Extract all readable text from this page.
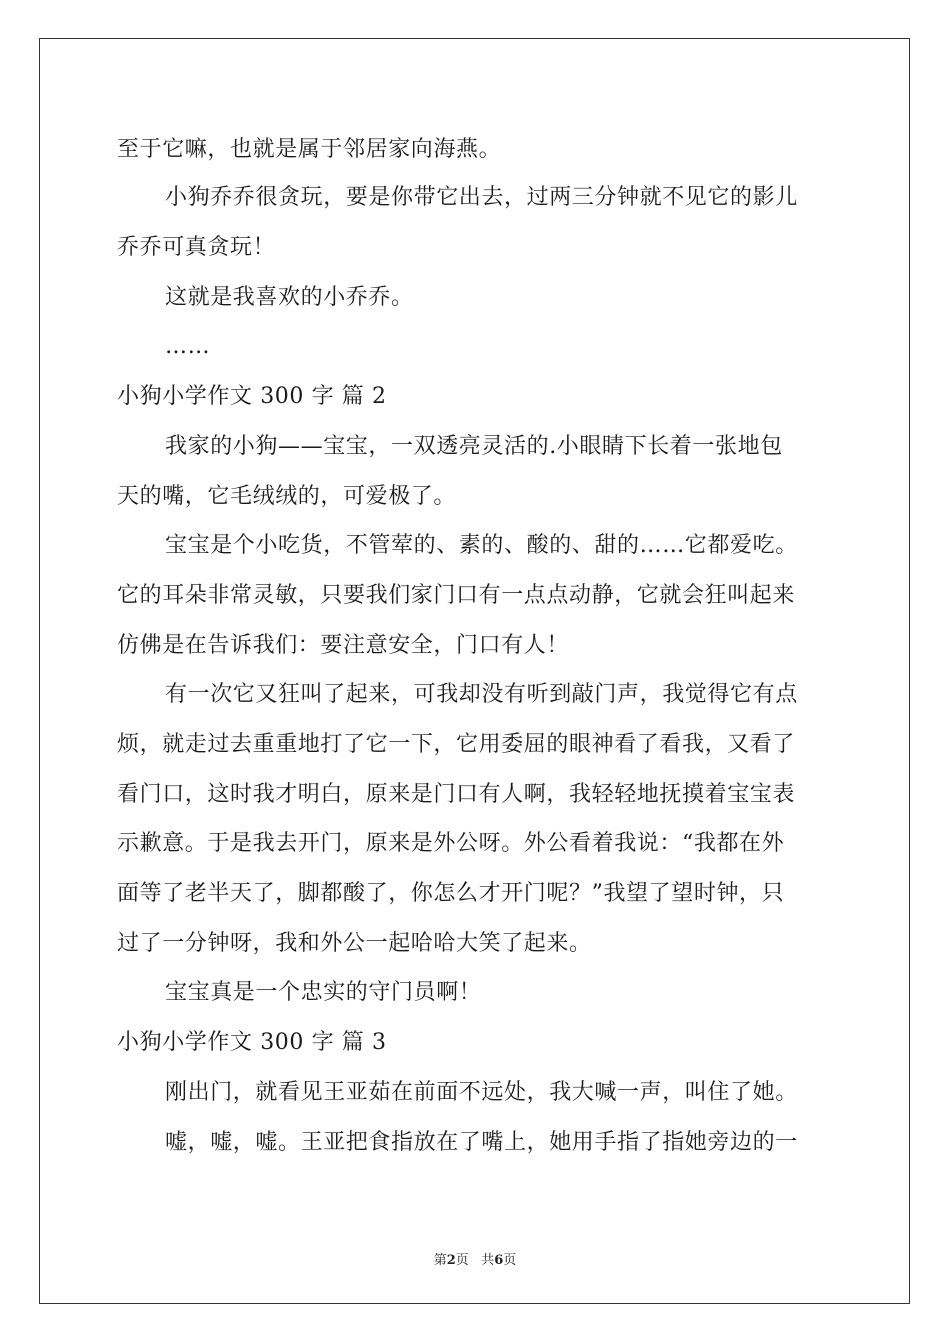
至于它嘛，也就是属于邻居家向海燕。
小狗乔乔很贪玩，要是你带它出去，过两三分钟就不见它的影儿
乔乔可真贪玩！
这就是我喜欢的小乔乔。
……
小狗小学作文 300 字 篇 2
我家的小狗——宝宝，一双透亮灵活的.小眼睛下长着一张地包
天的嘴，它毛绒绒的，可爱极了。
宝宝是个小吃货，不管荤的、素的、酸的、甜的……它都爱吃。
它的耳朵非常灵敏，只要我们家门口有一点点动静，它就会狂叫起来
仿佛是在告诉我们：要注意安全，门口有人！
有一次它又狂叫了起来，可我却没有听到敲门声，我觉得它有点
烦，就走过去重重地打了它一下，它用委屈的眼神看了看我，又看了
看门口，这时我才明白，原来是门口有人啊，我轻轻地抚摸着宝宝表
示歉意。于是我去开门，原来是外公呀。外公看着我说：“我都在外
面等了老半天了，脚都酸了，你怎么才开门呢？”我望了望时钟，只
过了一分钟呀，我和外公一起哈哈大笑了起来。
宝宝真是一个忠实的守门员啊！
小狗小学作文 300 字 篇 3
刚出门，就看见王亚茹在前面不远处，我大喊一声，叫住了她。
嘘，嘘，嘘。王亚把食指放在了嘴上，她用手指了指她旁边的一
第2页   共6页
